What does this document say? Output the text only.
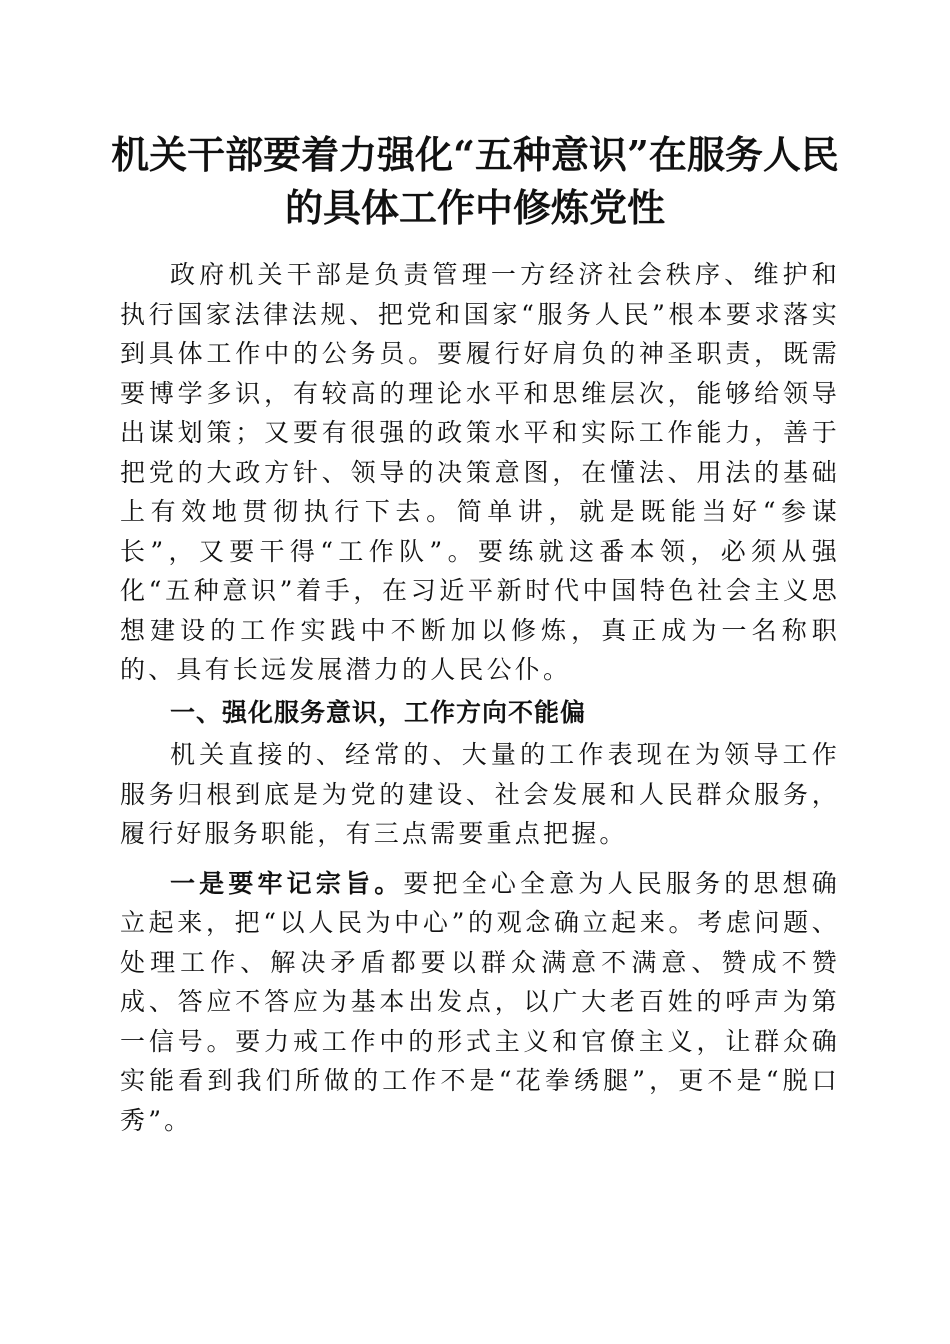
机关干部要着力强化“五种意识”在服务人民
的具体工作中修炼党性

政府机关干部是负责管理一方经济社会秩序、维护和执行国家法律法规、把党和国家“服务人民”根本要求落实到具体工作中的公务员。要履行好肩负的神圣职责，既需要博学多识，有较高的理论水平和思维层次，能够给领导出谋划策；又要有很强的政策水平和实际工作能力，善于把党的大政方针、领导的决策意图，在懂法、用法的基础上有效地贯彻执行下去。简单讲，就是既能当好“参谋长”，又要干得“工作队”。要练就这番本领，必须从强化“五种意识”着手，在习近平新时代中国特色社会主义思想建设的工作实践中不断加以修炼，真正成为一名称职的、具有长远发展潜力的人民公仆。

一、强化服务意识，工作方向不能偏

机关直接的、经常的、大量的工作表现在为领导工作服务归根到底是为党的建设、社会发展和人民群众服务，履行好服务职能，有三点需要重点把握。

一是要牢记宗旨。要把全心全意为人民服务的思想确立起来，把“以人民为中心”的观念确立起来。考虑问题、处理工作、解决矛盾都要以群众满意不满意、赞成不赞成、答应不答应为基本出发点，以广大老百姓的呼声为第一信号。要力戒工作中的形式主义和官僚主义，让群众确实能看到我们所做的工作不是“花拳绣腿”，更不是“脱口秀”。
